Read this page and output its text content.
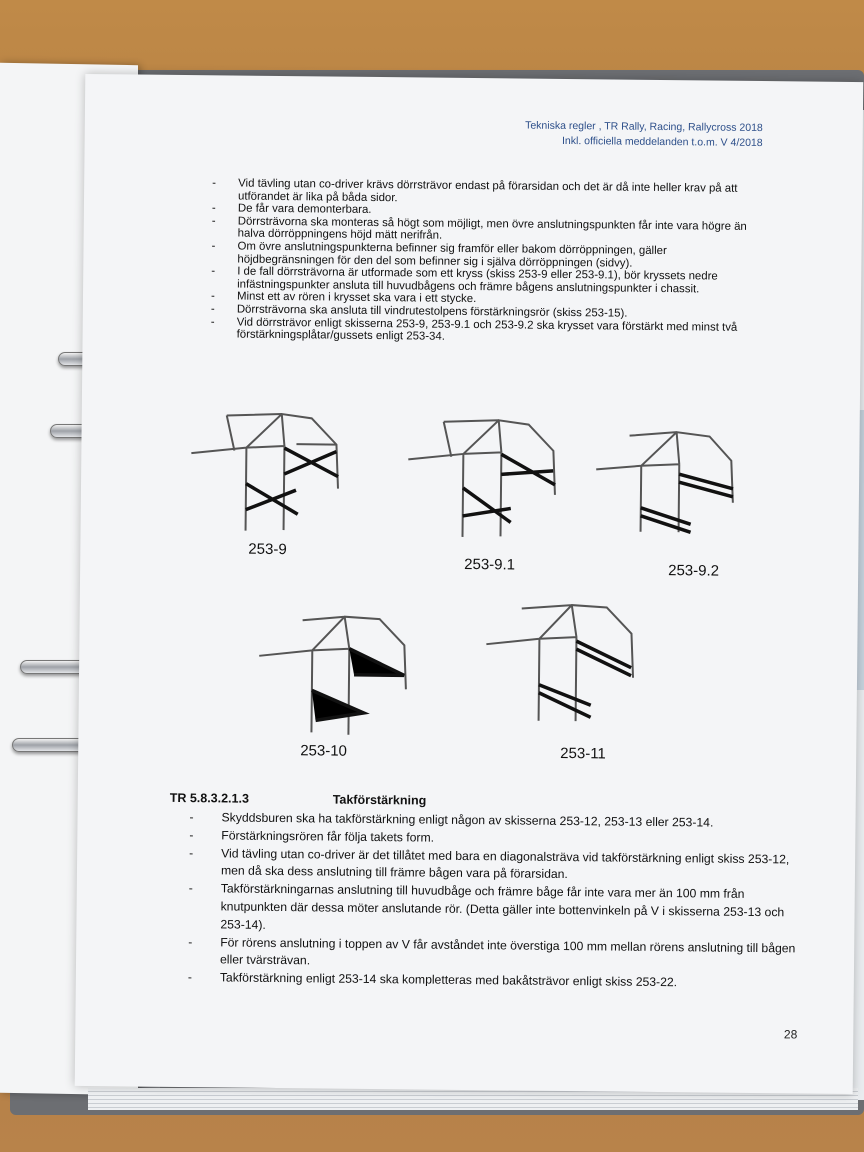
Tekniska regler , TR Rally, Racing, Rallycross 2018
Inkl. officiella meddelanden t.o.m. V 4/2018

- Vid tävling utan co-driver krävs dörrsträvor endast på förarsidan och det är då inte heller krav på att utförandet är lika på båda sidor.

- De får vara demonterbara.

- Dörrsträvorna ska monteras så högt som möjligt, men övre anslutningspunkten får inte vara högre än halva dörröppningens höjd mätt nerifrån.

- Om övre anslutningspunkterna befinner sig framför eller bakom dörröppningen, gäller höjdbegränsningen för den del som befinner sig i själva dörröppningen (sidvy).

- I de fall dörrsträvorna är utformade som ett kryss (skiss 253-9 eller 253-9.1), bör kryssets nedre infästningspunkter ansluta till huvudbågens och främre bågens anslutningspunkter i chassit.

- Minst ett av rören i krysset ska vara i ett stycke.

- Dörrsträvorna ska ansluta till vindrutestolpens förstärkningsrör (skiss 253-15).

- Vid dörrsträvor enligt skisserna 253-9, 253-9.1 och 253-9.2 ska krysset vara förstärkt med minst två förstärkningsplåtar/gussets enligt 253-34.

253-9
253-9.1	253-9.2
253-10	253-11
TR 5.8.3.2.1.3	Takförstärkning

- Skyddsburen ska ha takförstärkning enligt någon av skisserna 253-12, 253-13 eller 253-14.

- Förstärkningsrören får följa takets form.

- Vid tävling utan co-driver är det tillåtet med bara en diagonalsträva vid takförstärkning enligt skiss 253-12, men då ska dess anslutning till främre bågen vara på förarsidan.

- Takförstärkningarnas anslutning till huvudbåge och främre båge får inte vara mer än 100 mm från knutpunkten där dessa möter anslutande rör. (Detta gäller inte bottenvinkeln på V i skisserna 253-13 och 253-14).

- För rörens anslutning i toppen av V får avståndet inte överstiga 100 mm mellan rörens anslutning till bågen eller tvärsträvan.

- Takförstärkning enligt 253-14 ska kompletteras med bakåtsträvor enligt skiss 253-22.

28
